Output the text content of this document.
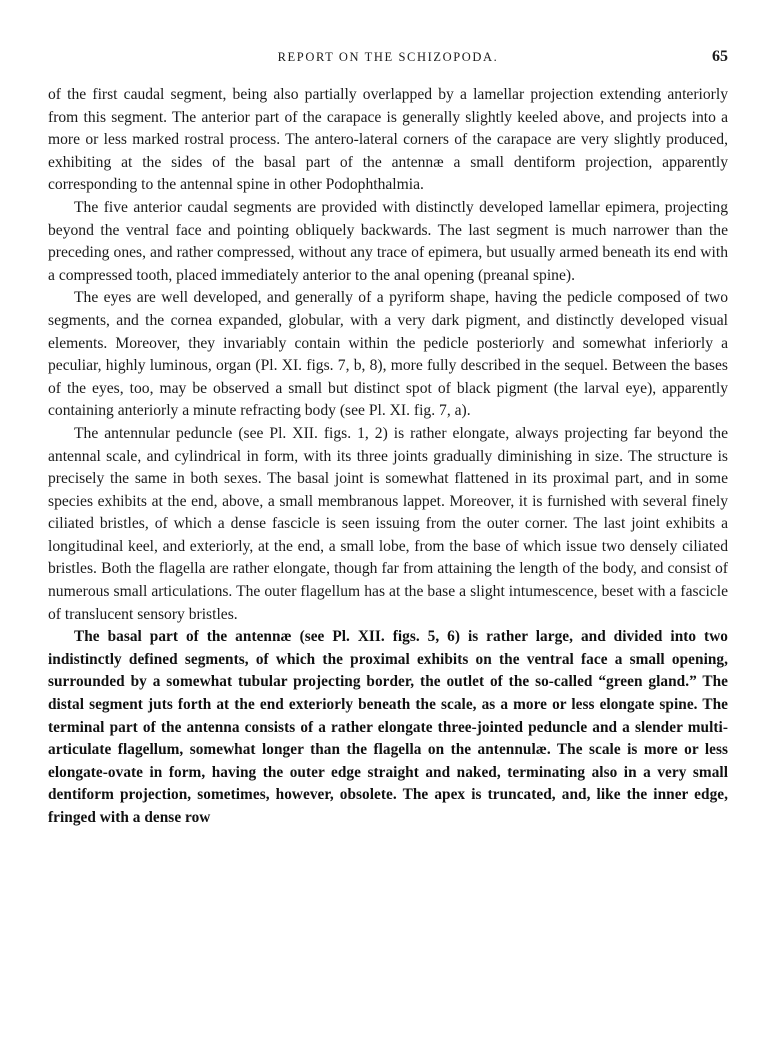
REPORT ON THE SCHIZOPODA.	65

of the first caudal segment, being also partially overlapped by a lamellar projection extending anteriorly from this segment. The anterior part of the carapace is generally slightly keeled above, and projects into a more or less marked rostral process. The antero-lateral corners of the carapace are very slightly produced, exhibiting at the sides of the basal part of the antennæ a small dentiform projection, apparently corresponding to the antennal spine in other Podophthalmia.

The five anterior caudal segments are provided with distinctly developed lamellar epimera, projecting beyond the ventral face and pointing obliquely backwards. The last segment is much narrower than the preceding ones, and rather compressed, without any trace of epimera, but usually armed beneath its end with a compressed tooth, placed immediately anterior to the anal opening (preanal spine).

The eyes are well developed, and generally of a pyriform shape, having the pedicle composed of two segments, and the cornea expanded, globular, with a very dark pigment, and distinctly developed visual elements. Moreover, they invariably contain within the pedicle posteriorly and somewhat inferiorly a peculiar, highly luminous, organ (Pl. XI. figs. 7, b, 8), more fully described in the sequel. Between the bases of the eyes, too, may be observed a small but distinct spot of black pigment (the larval eye), apparently containing anteriorly a minute refracting body (see Pl. XI. fig. 7, a).

The antennular peduncle (see Pl. XII. figs. 1, 2) is rather elongate, always projecting far beyond the antennal scale, and cylindrical in form, with its three joints gradually diminishing in size. The structure is precisely the same in both sexes. The basal joint is somewhat flattened in its proximal part, and in some species exhibits at the end, above, a small membranous lappet. Moreover, it is furnished with several finely ciliated bristles, of which a dense fascicle is seen issuing from the outer corner. The last joint exhibits a longitudinal keel, and exteriorly, at the end, a small lobe, from the base of which issue two densely ciliated bristles. Both the flagella are rather elongate, though far from attaining the length of the body, and consist of numerous small articulations. The outer flagellum has at the base a slight intumescence, beset with a fascicle of translucent sensory bristles.

The basal part of the antennæ (see Pl. XII. figs. 5, 6) is rather large, and divided into two indistinctly defined segments, of which the proximal exhibits on the ventral face a small opening, surrounded by a somewhat tubular projecting border, the outlet of the so-called “green gland.” The distal segment juts forth at the end exteriorly beneath the scale, as a more or less elongate spine. The terminal part of the antenna consists of a rather elongate three-jointed peduncle and a slender multi-articulate flagellum, somewhat longer than the flagella on the antennulæ. The scale is more or less elongate-ovate in form, having the outer edge straight and naked, terminating also in a very small dentiform projection, sometimes, however, obsolete. The apex is truncated, and, like the inner edge, fringed with a dense row
